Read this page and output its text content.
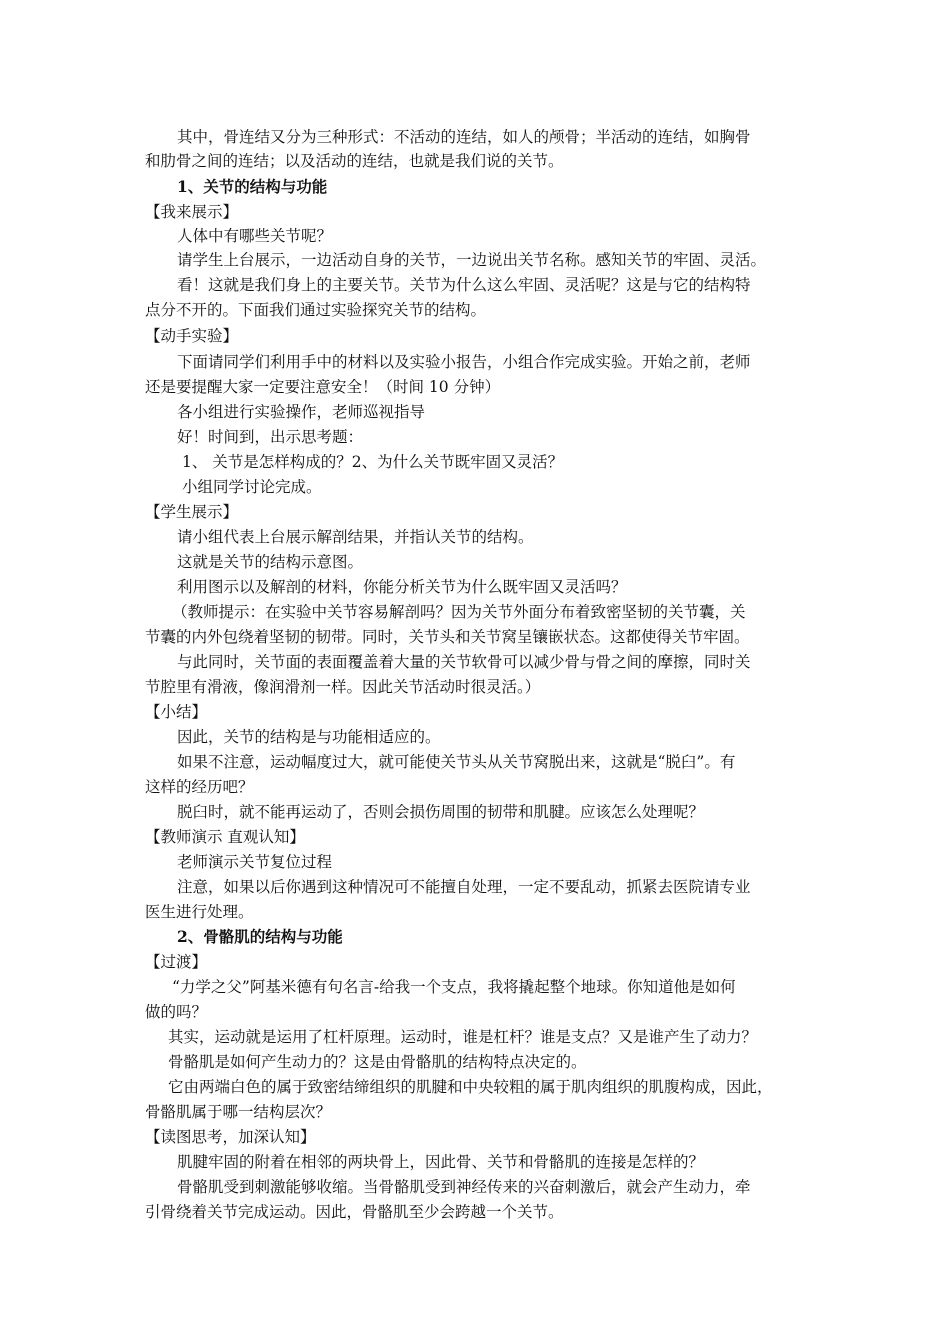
其中，骨连结又分为三种形式：不活动的连结，如人的颅骨；半活动的连结，如胸骨
和肋骨之间的连结；以及活动的连结，也就是我们说的关节。
1、关节的结构与功能
【我来展示】
人体中有哪些关节呢？
请学生上台展示，一边活动自身的关节，一边说出关节名称。感知关节的牢固、灵活。
看！这就是我们身上的主要关节。关节为什么这么牢固、灵活呢？这是与它的结构特
点分不开的。下面我们通过实验探究关节的结构。
【动手实验】
下面请同学们利用手中的材料以及实验小报告，小组合作完成实验。开始之前，老师
还是要提醒大家一定要注意安全！（时间 10 分钟）
各小组进行实验操作，老师巡视指导
好！时间到，出示思考题：
1、 关节是怎样构成的？2、为什么关节既牢固又灵活？
小组同学讨论完成。
【学生展示】
请小组代表上台展示解剖结果，并指认关节的结构。
这就是关节的结构示意图。
利用图示以及解剖的材料，你能分析关节为什么既牢固又灵活吗？
（教师提示：在实验中关节容易解剖吗？因为关节外面分布着致密坚韧的关节囊，关
节囊的内外包绕着坚韧的韧带。同时，关节头和关节窝呈镶嵌状态。这都使得关节牢固。
与此同时，关节面的表面覆盖着大量的关节软骨可以减少骨与骨之间的摩擦，同时关
节腔里有滑液，像润滑剂一样。因此关节活动时很灵活。）
【小结】
因此，关节的结构是与功能相适应的。
如果不注意，运动幅度过大，就可能使关节头从关节窝脱出来，这就是“脱臼”。有
这样的经历吧？
脱臼时，就不能再运动了，否则会损伤周围的韧带和肌腱。应该怎么处理呢？
【教师演示 直观认知】
老师演示关节复位过程
注意，如果以后你遇到这种情况可不能擅自处理，一定不要乱动，抓紧去医院请专业
医生进行处理。
2、骨骼肌的结构与功能
【过渡】
“力学之父”阿基米德有句名言-给我一个支点，我将撬起整个地球。你知道他是如何
做的吗？
其实，运动就是运用了杠杆原理。运动时，谁是杠杆？谁是支点？又是谁产生了动力？
骨骼肌是如何产生动力的？这是由骨骼肌的结构特点决定的。
它由两端白色的属于致密结缔组织的肌腱和中央较粗的属于肌肉组织的肌腹构成，因此，
骨骼肌属于哪一结构层次？
【读图思考，加深认知】
肌腱牢固的附着在相邻的两块骨上，因此骨、关节和骨骼肌的连接是怎样的？
骨骼肌受到刺激能够收缩。当骨骼肌受到神经传来的兴奋刺激后，就会产生动力，牵
引骨绕着关节完成运动。因此，骨骼肌至少会跨越一个关节。
